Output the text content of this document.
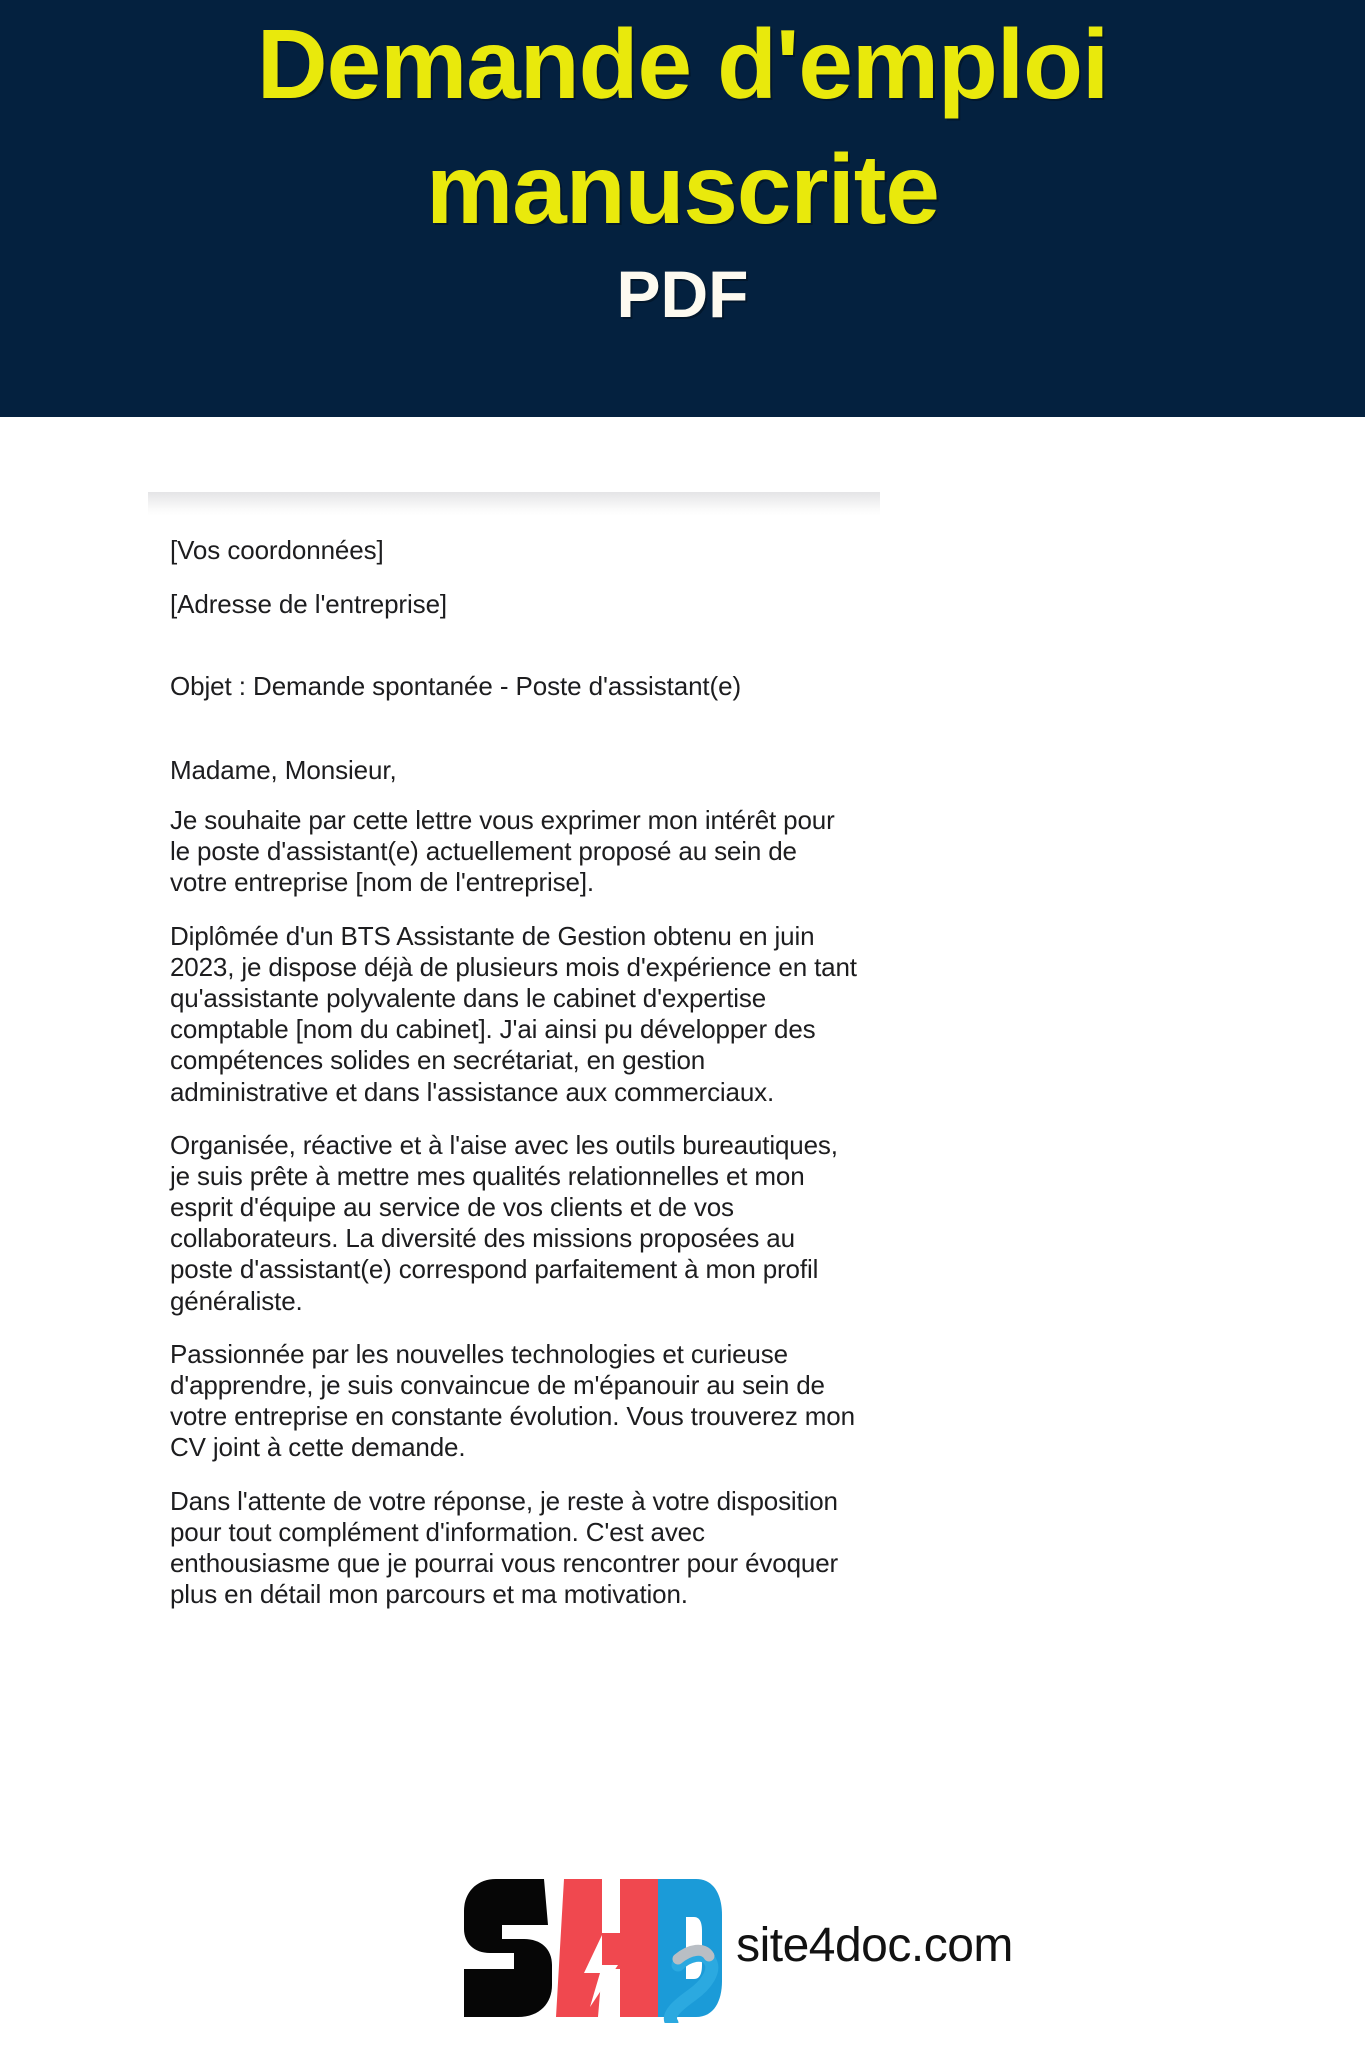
Demande d'emploi manuscrite
PDF

[Vos coordonnées]

[Adresse de l'entreprise]

Objet : Demande spontanée - Poste d'assistant(e)

Madame, Monsieur,

Je souhaite par cette lettre vous exprimer mon intérêt pour le poste d'assistant(e) actuellement proposé au sein de votre entreprise [nom de l'entreprise].

Diplômée d'un BTS Assistante de Gestion obtenu en juin 2023, je dispose déjà de plusieurs mois d'expérience en tant qu'assistante polyvalente dans le cabinet d'expertise comptable [nom du cabinet]. J'ai ainsi pu développer des compétences solides en secrétariat, en gestion administrative et dans l'assistance aux commerciaux.

Organisée, réactive et à l'aise avec les outils bureautiques, je suis prête à mettre mes qualités relationnelles et mon esprit d'équipe au service de vos clients et de vos collaborateurs. La diversité des missions proposées au poste d'assistant(e) correspond parfaitement à mon profil généraliste.

Passionnée par les nouvelles technologies et curieuse d'apprendre, je suis convaincue de m'épanouir au sein de votre entreprise en constante évolution. Vous trouverez mon CV joint à cette demande.

Dans l'attente de votre réponse, je reste à votre disposition pour tout complément d'information. C'est avec enthousiasme que je pourrai vous rencontrer pour évoquer plus en détail mon parcours et ma motivation.

site4doc.com
